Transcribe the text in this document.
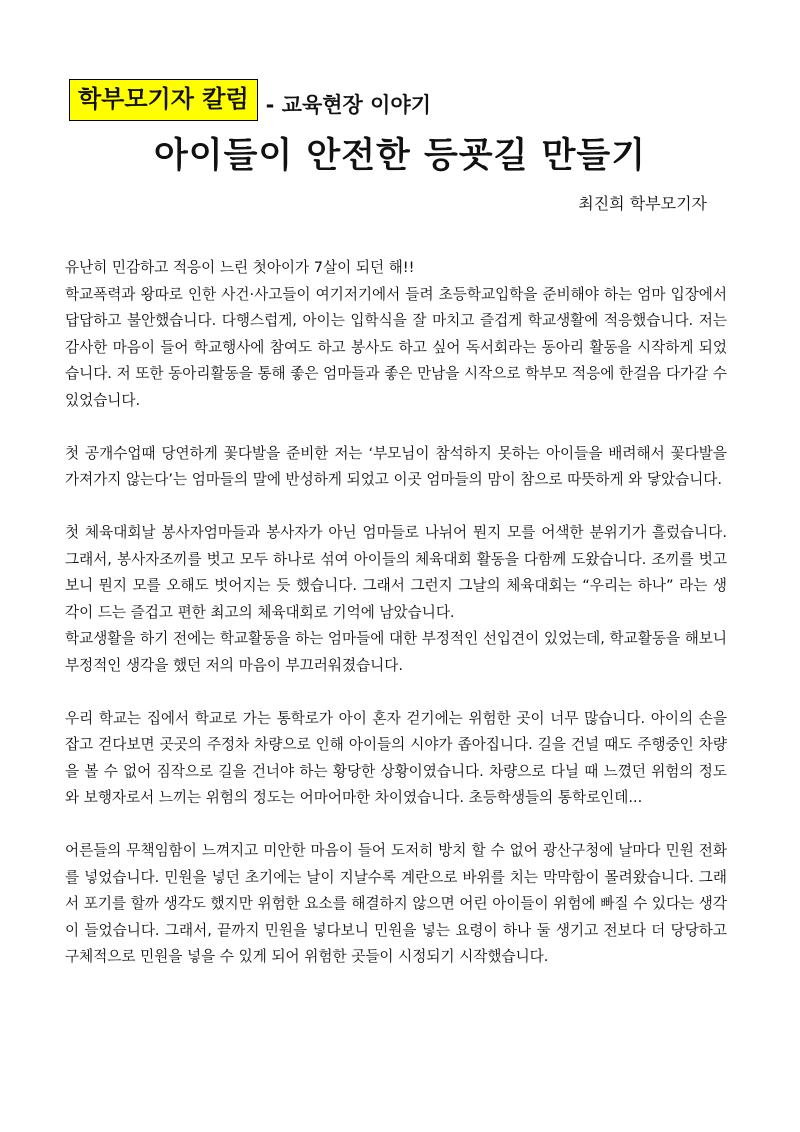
학부모기자 칼럼 - 교육현장 이야기
아이들이 안전한 등굣길 만들기
최진희 학부모기자

유난히 민감하고 적응이 느린 첫아이가 7살이 되던 해!!

학교폭력과 왕따로 인한 사건·사고들이 여기저기에서 들려 초등학교입학을 준비해야 하는 엄마 입장에서 답답하고 불안했습니다. 다행스럽게, 아이는 입학식을 잘 마치고 즐겁게 학교생활에 적응했습니다. 저는 감사한 마음이 들어 학교행사에 참여도 하고 봉사도 하고 싶어 독서회라는 동아리 활동을 시작하게 되었습니다. 저 또한 동아리활동을 통해 좋은 엄마들과 좋은 만남을 시작으로 학부모 적응에 한걸음 다가갈 수 있었습니다.

첫 공개수업때 당연하게 꽃다발을 준비한 저는 ‘부모님이 참석하지 못하는 아이들을 배려해서 꽃다발을 가져가지 않는다’는 엄마들의 말에 반성하게 되었고 이곳 엄마들의 맘이 참으로 따뜻하게 와 닿았습니다.

첫 체육대회날 봉사자엄마들과 봉사자가 아닌 엄마들로 나뉘어 뭔지 모를 어색한 분위기가 흘렀습니다. 그래서, 봉사자조끼를 벗고 모두 하나로 섞여 아이들의 체육대회 활동을 다함께 도왔습니다. 조끼를 벗고 보니 뭔지 모를 오해도 벗어지는 듯 했습니다. 그래서 그런지 그날의 체육대회는 “우리는 하나” 라는 생각이 드는 즐겁고 편한 최고의 체육대회로 기억에 남았습니다.

학교생활을 하기 전에는 학교활동을 하는 엄마들에 대한 부정적인 선입견이 있었는데, 학교활동을 해보니 부정적인 생각을 했던 저의 마음이 부끄러워졌습니다.

우리 학교는 집에서 학교로 가는 통학로가 아이 혼자 걷기에는 위험한 곳이 너무 많습니다. 아이의 손을 잡고 걷다보면 곳곳의 주정차 차량으로 인해 아이들의 시야가 좁아집니다. 길을 건널 때도 주행중인 차량을 볼 수 없어 짐작으로 길을 건너야 하는 황당한 상황이였습니다. 차량으로 다닐 때 느꼈던 위험의 정도와 보행자로서 느끼는 위험의 정도는 어마어마한 차이였습니다. 초등학생들의 통학로인데...

어른들의 무책임함이 느껴지고 미안한 마음이 들어 도저히 방치 할 수 없어 광산구청에 날마다 민원 전화를 넣었습니다. 민원을 넣던 초기에는 날이 지날수록 계란으로 바위를 치는 막막함이 몰려왔습니다. 그래서 포기를 할까 생각도 했지만 위험한 요소를 해결하지 않으면 어린 아이들이 위험에 빠질 수 있다는 생각이 들었습니다. 그래서, 끝까지 민원을 넣다보니 민원을 넣는 요령이 하나 둘 생기고 전보다 더 당당하고 구체적으로 민원을 넣을 수 있게 되어 위험한 곳들이 시정되기 시작했습니다.
